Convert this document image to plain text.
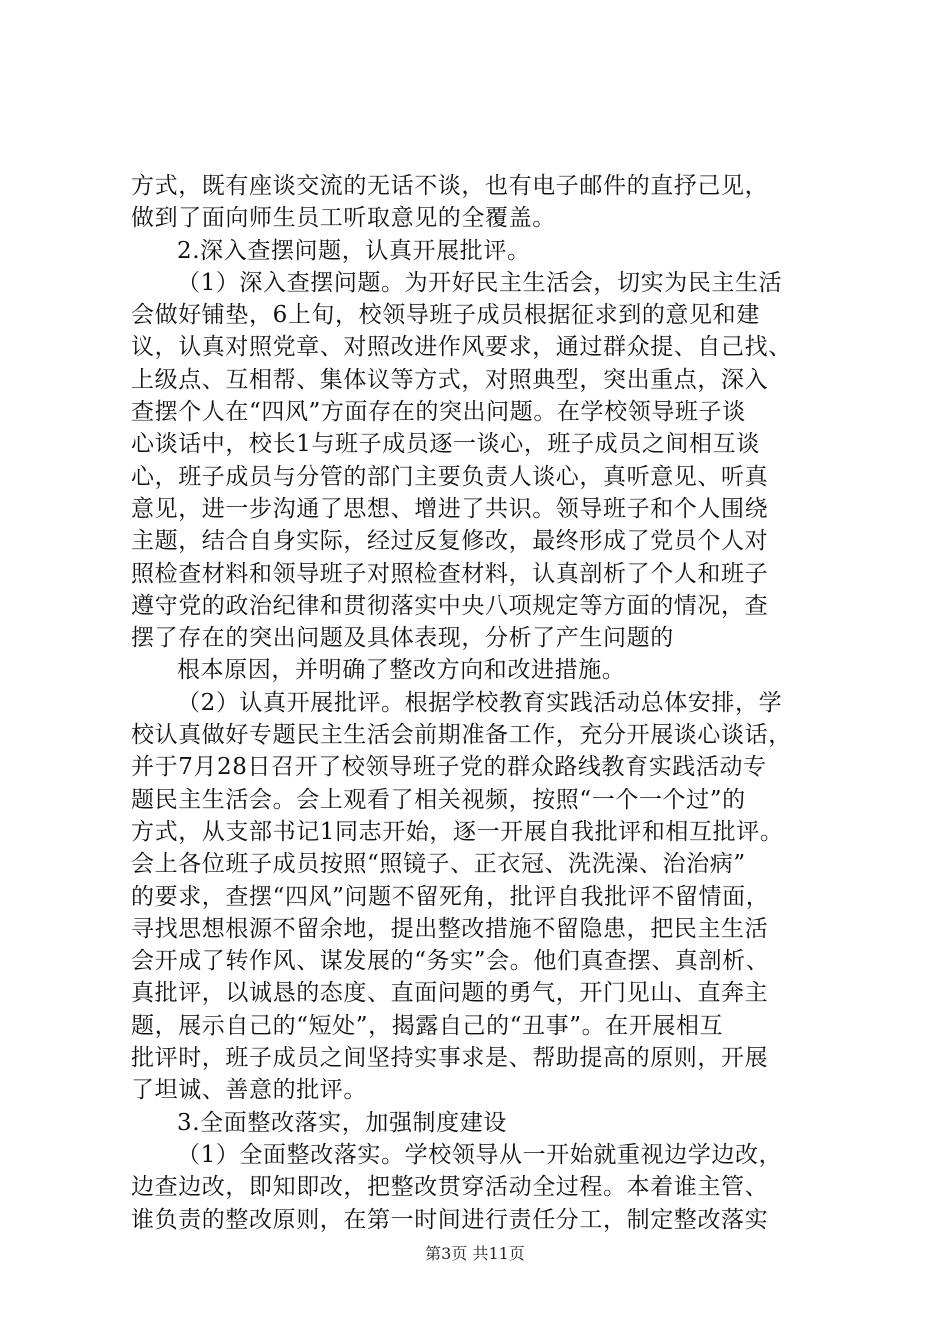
方式，既有座谈交流的无话不谈，也有电子邮件的直抒己见，
做到了面向师生员工听取意见的全覆盖。
2.深入查摆问题，认真开展批评。
（1）深入查摆问题。为开好民主生活会，切实为民主生活
会做好铺垫，6上旬，校领导班子成员根据征求到的意见和建
议，认真对照党章、对照改进作风要求，通过群众提、自己找、
上级点、互相帮、集体议等方式，对照典型，突出重点，深入
查摆个人在“四风”方面存在的突出问题。在学校领导班子谈
心谈话中，校长1与班子成员逐一谈心，班子成员之间相互谈
心，班子成员与分管的部门主要负责人谈心，真听意见、听真
意见，进一步沟通了思想、增进了共识。领导班子和个人围绕
主题，结合自身实际，经过反复修改，最终形成了党员个人对
照检查材料和领导班子对照检查材料，认真剖析了个人和班子
遵守党的政治纪律和贯彻落实中央八项规定等方面的情况，查
摆了存在的突出问题及具体表现，分析了产生问题的
根本原因，并明确了整改方向和改进措施。
（2）认真开展批评。根据学校教育实践活动总体安排，学
校认真做好专题民主生活会前期准备工作，充分开展谈心谈话，
并于7月28日召开了校领导班子党的群众路线教育实践活动专
题民主生活会。会上观看了相关视频，按照“一个一个过”的
方式，从支部书记1同志开始，逐一开展自我批评和相互批评。
会上各位班子成员按照“照镜子、正衣冠、洗洗澡、治治病”
的要求，查摆“四风”问题不留死角，批评自我批评不留情面，
寻找思想根源不留余地，提出整改措施不留隐患，把民主生活
会开成了转作风、谋发展的“务实”会。他们真查摆、真剖析、
真批评，以诚恳的态度、直面问题的勇气，开门见山、直奔主
题，展示自己的“短处”，揭露自己的“丑事”。在开展相互
批评时，班子成员之间坚持实事求是、帮助提高的原则，开展
了坦诚、善意的批评。
3.全面整改落实，加强制度建设
（1）全面整改落实。学校领导从一开始就重视边学边改，
边查边改，即知即改，把整改贯穿活动全过程。本着谁主管、
谁负责的整改原则，在第一时间进行责任分工，制定整改落实
第3页 共11页
